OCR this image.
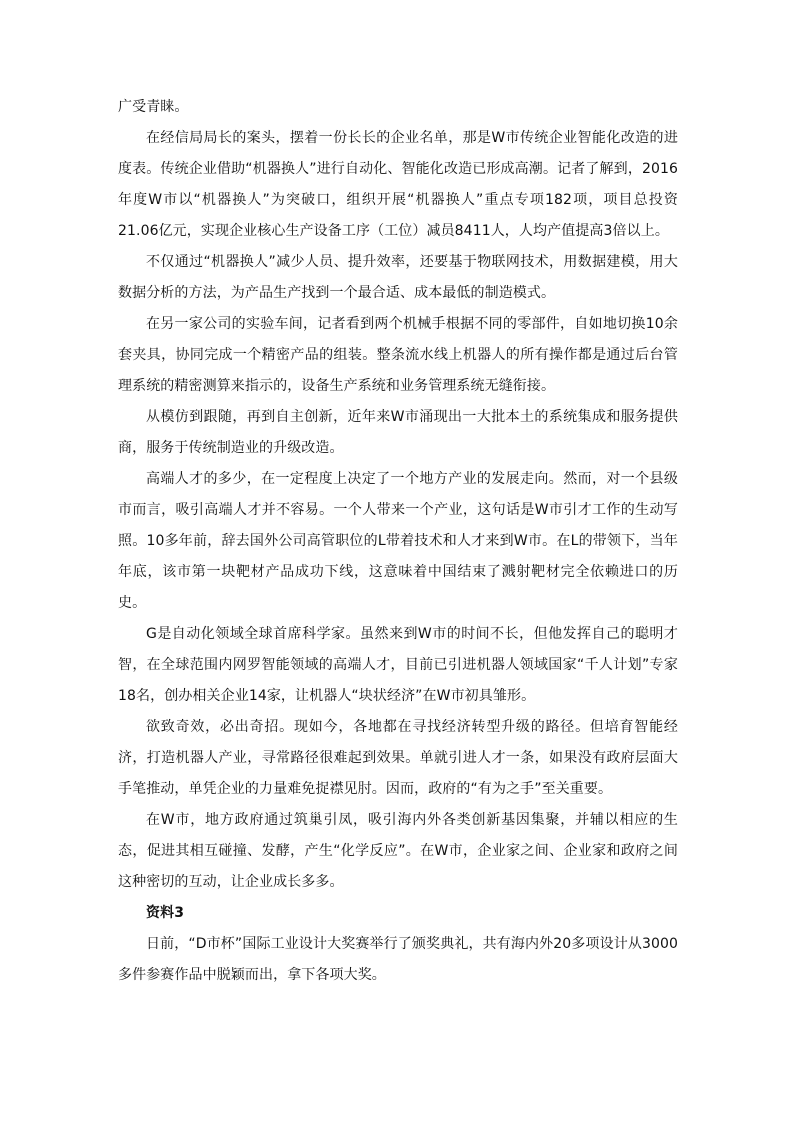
广受青睐。

在经信局局长的案头，摆着一份长长的企业名单，那是W市传统企业智能化改造的进度表。传统企业借助“机器换人”进行自动化、智能化改造已形成高潮。记者了解到，2016年度W市以“机器换人”为突破口，组织开展“机器换人”重点专项182项，项目总投资21.06亿元，实现企业核心生产设备工序（工位）减员8411人，人均产值提高3倍以上。

不仅通过“机器换人”减少人员、提升效率，还要基于物联网技术，用数据建模，用大数据分析的方法，为产品生产找到一个最合适、成本最低的制造模式。

在另一家公司的实验车间，记者看到两个机械手根据不同的零部件，自如地切换10余套夹具，协同完成一个精密产品的组装。整条流水线上机器人的所有操作都是通过后台管理系统的精密测算来指示的，设备生产系统和业务管理系统无缝衔接。

从模仿到跟随，再到自主创新，近年来W市涌现出一大批本土的系统集成和服务提供商，服务于传统制造业的升级改造。

高端人才的多少，在一定程度上决定了一个地方产业的发展走向。然而，对一个县级市而言，吸引高端人才并不容易。一个人带来一个产业，这句话是W市引才工作的生动写照。10多年前，辞去国外公司高管职位的L带着技术和人才来到W市。在L的带领下，当年年底，该市第一块靶材产品成功下线，这意味着中国结束了溅射靶材完全依赖进口的历史。

G是自动化领域全球首席科学家。虽然来到W市的时间不长，但他发挥自己的聪明才智，在全球范围内网罗智能领域的高端人才，目前已引进机器人领域国家“千人计划”专家18名，创办相关企业14家，让机器人“块状经济”在W市初具雏形。

欲致奇效，必出奇招。现如今，各地都在寻找经济转型升级的路径。但培育智能经济，打造机器人产业，寻常路径很难起到效果。单就引进人才一条，如果没有政府层面大手笔推动，单凭企业的力量难免捉襟见肘。因而，政府的“有为之手”至关重要。

在W市，地方政府通过筑巢引凤，吸引海内外各类创新基因集聚，并辅以相应的生态，促进其相互碰撞、发酵，产生“化学反应”。在W市，企业家之间、企业家和政府之间这种密切的互动，让企业成长多多。

资料3

日前，“D市杯”国际工业设计大奖赛举行了颁奖典礼，共有海内外20多项设计从3000多件参赛作品中脱颖而出，拿下各项大奖。
